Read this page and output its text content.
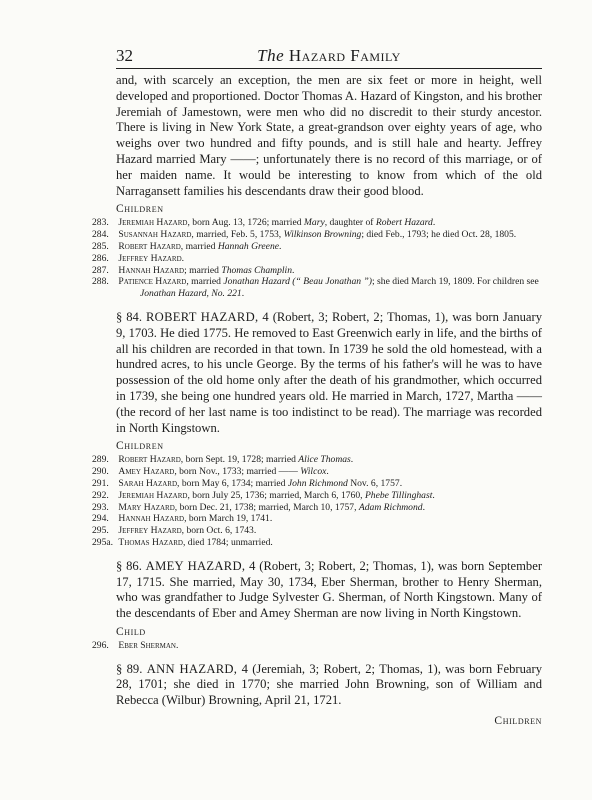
32	The Hazard Family

and, with scarcely an exception, the men are six feet or more in height, well developed and proportioned. Doctor Thomas A. Hazard of Kingston, and his brother Jeremiah of Jamestown, were men who did no discredit to their sturdy ancestor. There is living in New York State, a great-grandson over eighty years of age, who weighs over two hundred and fifty pounds, and is still hale and hearty. Jeffrey Hazard married Mary ——; unfortunately there is no record of this marriage, or of her maiden name. It would be interesting to know from which of the old Narragansett families his descendants draw their good blood.

Children
283. Jeremiah Hazard, born Aug. 13, 1726; married Mary, daughter of Robert Hazard.
284. Susannah Hazard, married, Feb. 5, 1753, Wilkinson Browning; died Feb., 1793; he died Oct. 28, 1805.
285. Robert Hazard, married Hannah Greene.
286. Jeffrey Hazard.
287. Hannah Hazard; married Thomas Champlin.
288. Patience Hazard, married Jonathan Hazard (“ Beau Jonathan ”); she died March 19, 1809. For children see Jonathan Hazard, No. 221.

§ 84. ROBERT HAZARD, 4 (Robert, 3; Robert, 2; Thomas, 1), was born January 9, 1703. He died 1775. He removed to East Greenwich early in life, and the births of all his children are recorded in that town. In 1739 he sold the old homestead, with a hundred acres, to his uncle George. By the terms of his father's will he was to have possession of the old home only after the death of his grandmother, which occurred in 1739, she being one hundred years old. He married in March, 1727, Martha —— (the record of her last name is too indistinct to be read). The marriage was recorded in North Kingstown.

Children
289. Robert Hazard, born Sept. 19, 1728; married Alice Thomas.
290. Amey Hazard, born Nov., 1733; married —— Wilcox.
291. Sarah Hazard, born May 6, 1734; married John Richmond Nov. 6, 1757.
292. Jeremiah Hazard, born July 25, 1736; married, March 6, 1760, Phebe Tillinghast.
293. Mary Hazard, born Dec. 21, 1738; married, March 10, 1757, Adam Richmond.
294. Hannah Hazard, born March 19, 1741.
295. Jeffrey Hazard, born Oct. 6, 1743.
295a. Thomas Hazard, died 1784; unmarried.

§ 86. AMEY HAZARD, 4 (Robert, 3; Robert, 2; Thomas, 1), was born September 17, 1715. She married, May 30, 1734, Eber Sherman, brother to Henry Sherman, who was grandfather to Judge Sylvester G. Sherman, of North Kingstown. Many of the descendants of Eber and Amey Sherman are now living in North Kingstown.

Child
296. Eber Sherman.

§ 89. ANN HAZARD, 4 (Jeremiah, 3; Robert, 2; Thomas, 1), was born February 28, 1701; she died in 1770; she married John Browning, son of William and Rebecca (Wilbur) Browning, April 21, 1721.

Children
